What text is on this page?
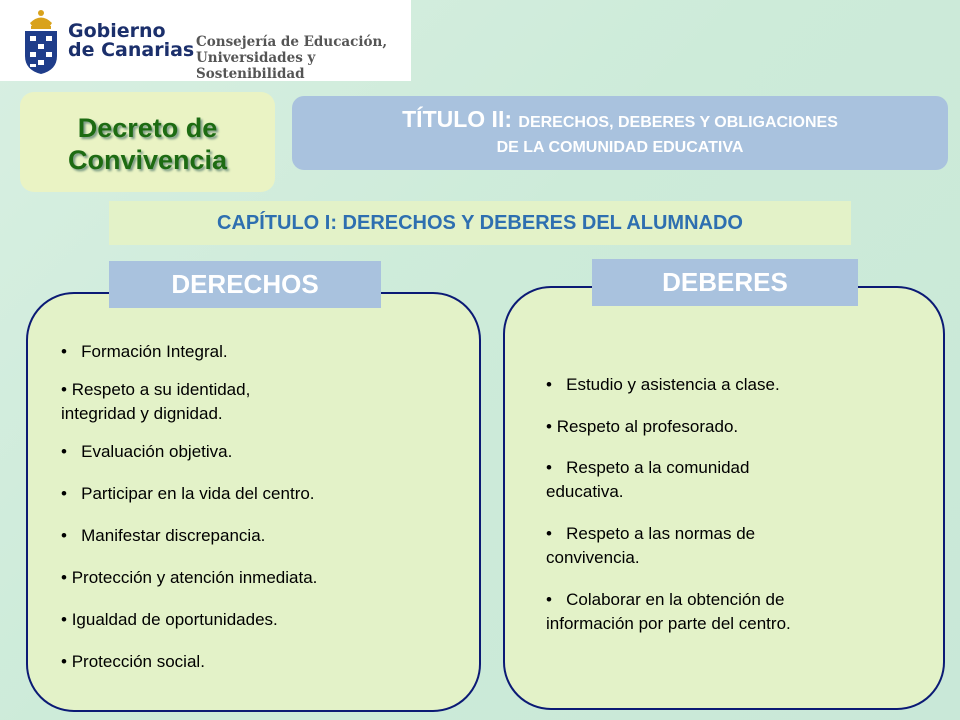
Gobierno
de Canarias Consejería de Educación,
Universidades y Sostenibilidad
Decreto de
Convivencia
TÍTULO II: DERECHOS, DEBERES Y OBLIGACIONES
DE LA COMUNIDAD EDUCATIVA
CAPÍTULO I: DERECHOS Y DEBERES DEL ALUMNADO
DERECHOS
•   Formación Integral.
• Respeto a su identidad,
integridad y dignidad.
•   Evaluación objetiva.
•   Participar en la vida del centro.
•   Manifestar discrepancia.
• Protección y atención inmediata.
• Igualdad de oportunidades.
• Protección social.
DEBERES
•   Estudio y asistencia a clase.
• Respeto al profesorado.
•   Respeto a la comunidad
educativa.
•   Respeto a las normas de
convivencia.
•   Colaborar en la obtención de
información por parte del centro.
